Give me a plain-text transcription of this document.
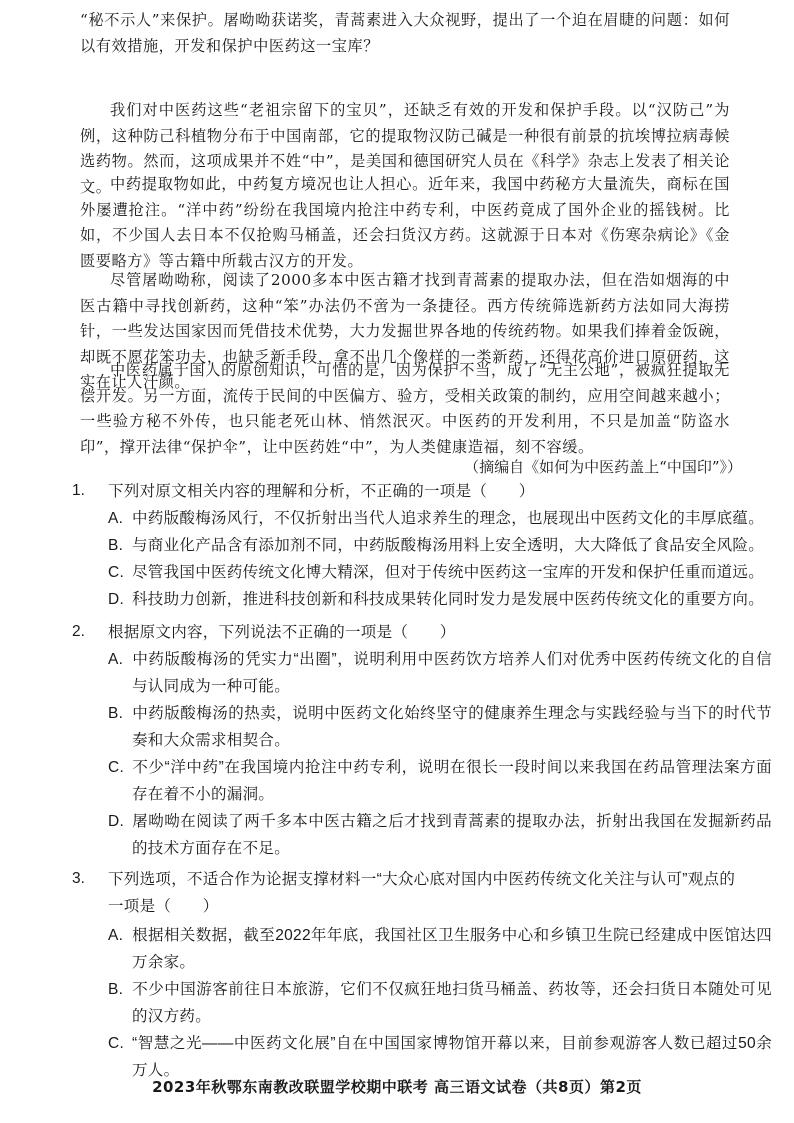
“秘不示人”来保护。屠呦呦获诺奖，青蒿素进入大众视野，提出了一个迫在眉睫的问题：如何以有效措施，开发和保护中医药这一宝库？

我们对中医药这些“老祖宗留下的宝贝”，还缺乏有效的开发和保护手段。以“汉防己”为例，这种防己科植物分布于中国南部，它的提取物汉防己碱是一种很有前景的抗埃博拉病毒候选药物。然而，这项成果并不姓“中”，是美国和德国研究人员在《科学》杂志上发表了相关论文。

中药提取物如此，中药复方境况也让人担心。近年来，我国中药秘方大量流失，商标在国外屡遭抢注。“洋中药”纷纷在我国境内抢注中药专利，中医药竟成了国外企业的摇钱树。比如，不少国人去日本不仅抢购马桶盖，还会扫货汉方药。这就源于日本对《伤寒杂病论》《金匮要略方》等古籍中所载古汉方的开发。

尽管屠呦呦称，阅读了2000多本中医古籍才找到青蒿素的提取办法，但在浩如烟海的中医古籍中寻找创新药，这种“笨”办法仍不啻为一条捷径。西方传统筛选新药方法如同大海捞针，一些发达国家因而凭借技术优势，大力发掘世界各地的传统药物。如果我们捧着金饭碗，却既不愿花笨功夫，也缺乏新手段，拿不出几个像样的一类新药，还得花高价进口原研药，这实在让人汗颜。

中医药属于国人的原创知识，可惜的是，因为保护不当，成了“无主公地”，被疯狂提取无偿开发。另一方面，流传于民间的中医偏方、验方，受相关政策的制约，应用空间越来越小；一些验方秘不外传，也只能老死山林、悄然泯灭。中医药的开发利用，不只是加盖“防盗水印”，撑开法律“保护伞”，让中医药姓“中”，为人类健康造福，刻不容缓。

（摘编自《如何为中医药盖上“中国印”》）

1. 下列对原文相关内容的理解和分析，不正确的一项是（　　）

A. 中药版酸梅汤风行，不仅折射出当代人追求养生的理念，也展现出中医药文化的丰厚底蕴。

B. 与商业化产品含有添加剂不同，中药版酸梅汤用料上安全透明，大大降低了食品安全风险。

C. 尽管我国中医药传统文化博大精深，但对于传统中医药这一宝库的开发和保护任重而道远。

D. 科技助力创新，推进科技创新和科技成果转化同时发力是发展中医药传统文化的重要方向。

2. 根据原文内容，下列说法不正确的一项是（　　）

A. 中药版酸梅汤的凭实力“出圈”，说明利用中医药饮方培养人们对优秀中医药传统文化的自信与认同成为一种可能。

B. 中药版酸梅汤的热卖，说明中医药文化始终坚守的健康养生理念与实践经验与当下的时代节奏和大众需求相契合。

C. 不少“洋中药”在我国境内抢注中药专利，说明在很长一段时间以来我国在药品管理法案方面存在着不小的漏洞。

D. 屠呦呦在阅读了两千多本中医古籍之后才找到青蒿素的提取办法，折射出我国在发掘新药品的技术方面存在不足。

3. 下列选项，不适合作为论据支撑材料一“大众心底对国内中医药传统文化关注与认可”观点的一项是（　　）

A. 根据相关数据，截至2022年年底，我国社区卫生服务中心和乡镇卫生院已经建成中医馆达四万余家。

B. 不少中国游客前往日本旅游，它们不仅疯狂地扫货马桶盖、药妆等，还会扫货日本随处可见的汉方药。

C. “智慧之光——中医药文化展”自在中国国家博物馆开幕以来，目前参观游客人数已超过50余万人。

2023年秋鄂东南教改联盟学校期中联考 高三语文试卷（共8页）第2页
